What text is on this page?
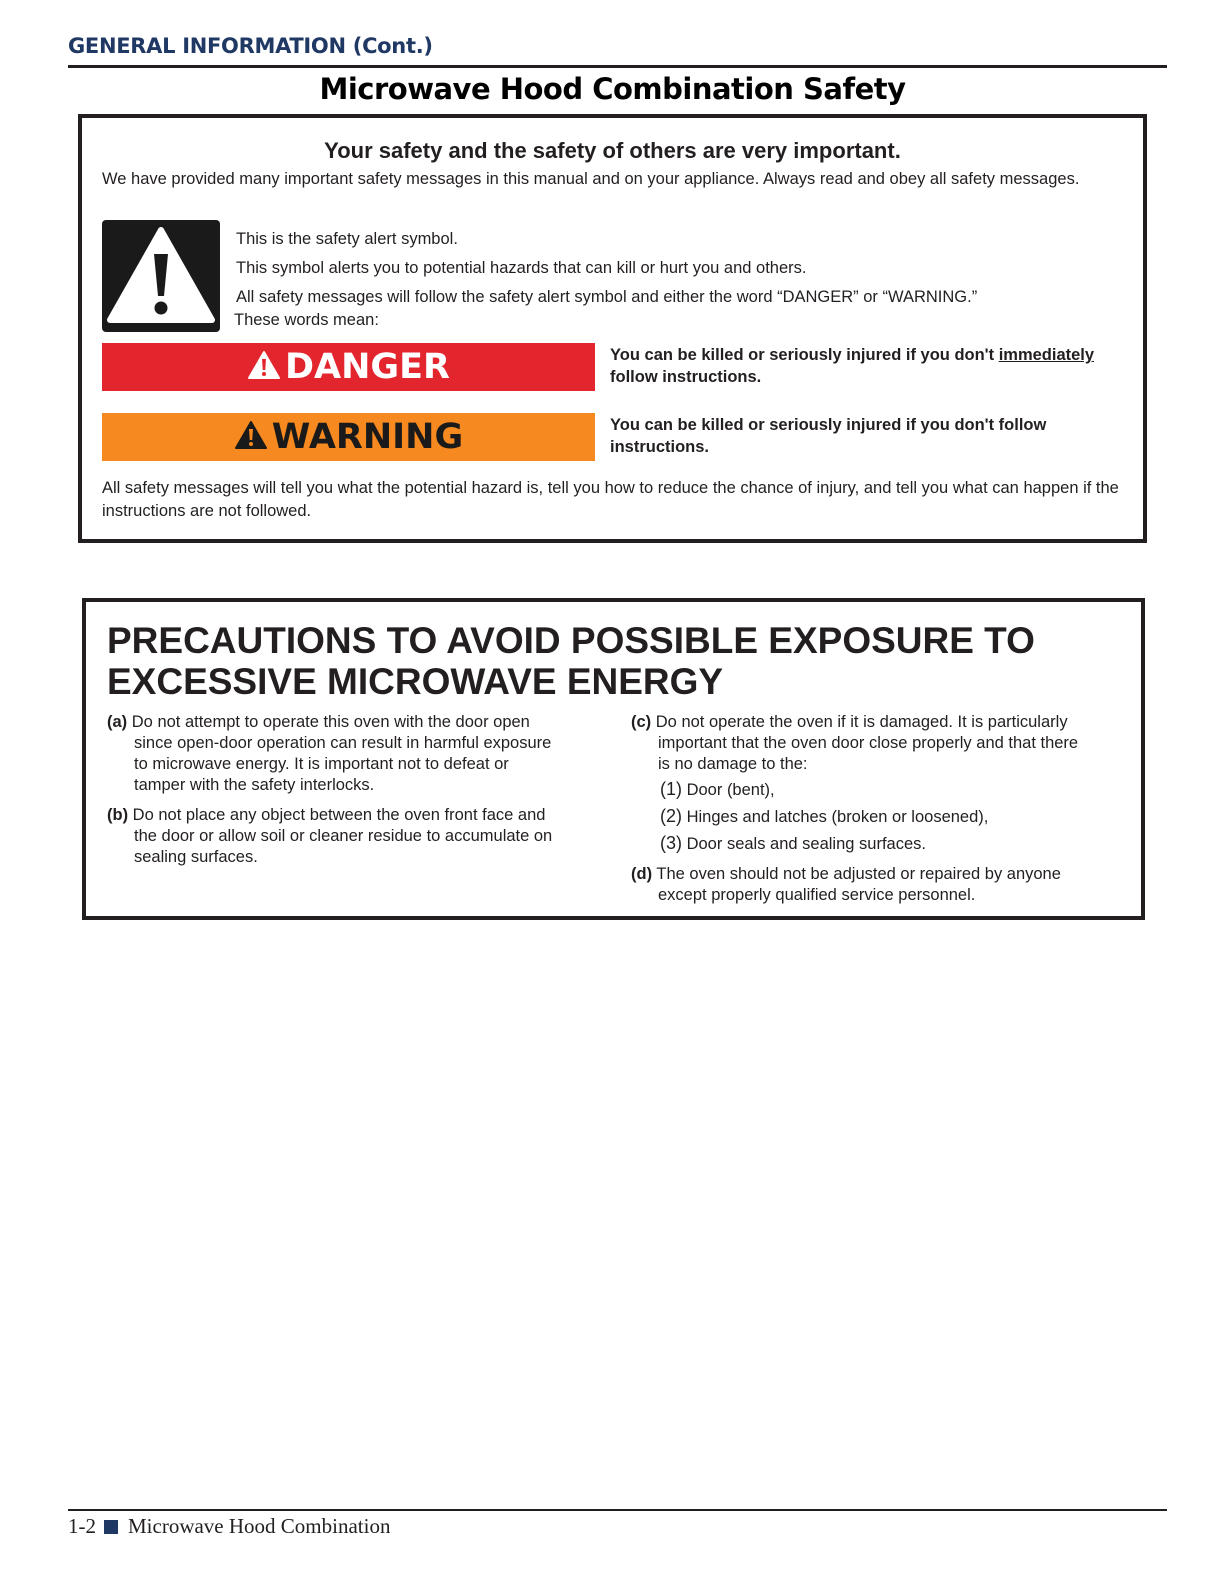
GENERAL INFORMATION (Cont.)
Microwave Hood Combination Safety
Your safety and the safety of others are very important.
We have provided many important safety messages in this manual and on your appliance. Always read and obey all safety messages.
This is the safety alert symbol.
This symbol alerts you to potential hazards that can kill or hurt you and others.
All safety messages will follow the safety alert symbol and either the word “DANGER” or “WARNING.”
These words mean:
DANGER	You can be killed or seriously injured if you don't immediately
follow instructions.
WARNING	You can be killed or seriously injured if you don't follow
instructions.
All safety messages will tell you what the potential hazard is, tell you how to reduce the chance of injury, and tell you what can happen if the instructions are not followed.
PRECAUTIONS TO AVOID POSSIBLE EXPOSURE TO
EXCESSIVE MICROWAVE ENERGY
(a) Do not attempt to operate this oven with the door open
since open-door operation can result in harmful exposure
to microwave energy. It is important not to defeat or
tamper with the safety interlocks.
(b) Do not place any object between the oven front face and
the door or allow soil or cleaner residue to accumulate on
sealing surfaces.
(c) Do not operate the oven if it is damaged. It is particularly
important that the oven door close properly and that there
is no damage to the:
(1) Door (bent),
(2) Hinges and latches (broken or loosened),
(3) Door seals and sealing surfaces.
(d) The oven should not be adjusted or repaired by anyone
except properly qualified service personnel.
1-2 Microwave Hood Combination
